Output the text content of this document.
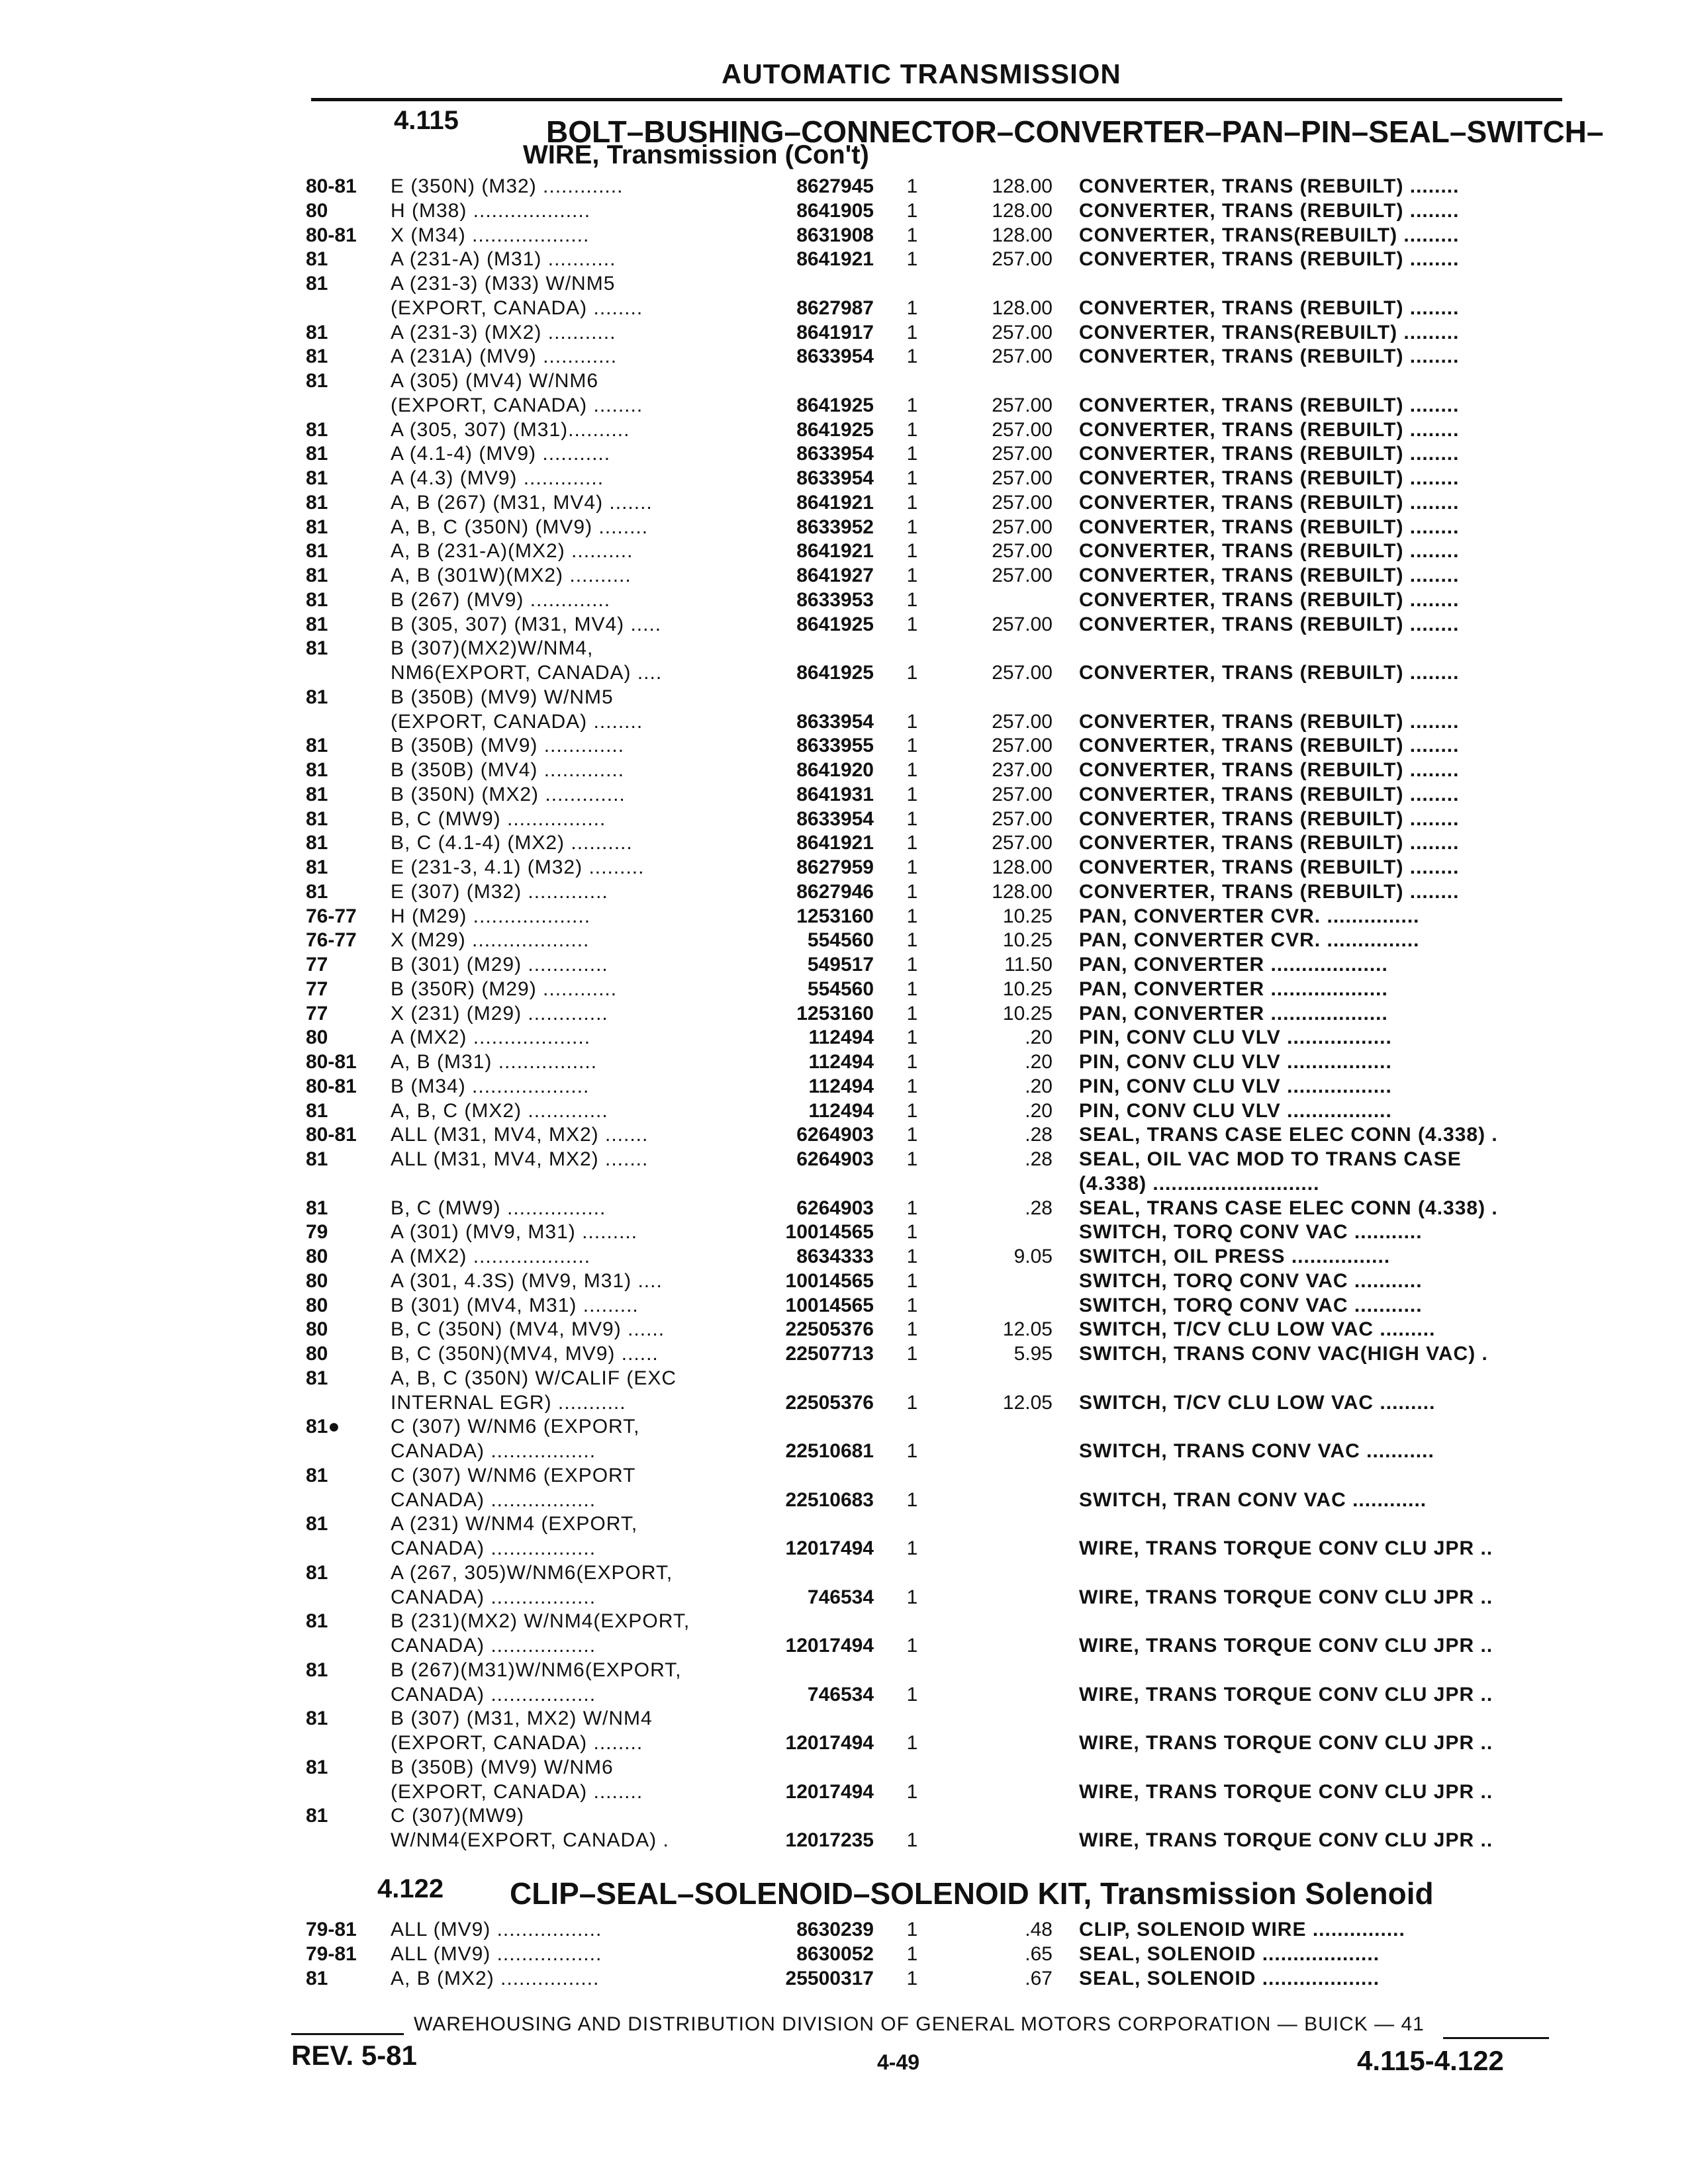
AUTOMATIC TRANSMISSION
4.115	BOLT–BUSHING–CONNECTOR–CONVERTER–PAN–PIN–SEAL–SWITCH–
WIRE, Transmission (Con't)
80-81 E (350N) (M32) .............	8627945 1	128.00 CONVERTER, TRANS (REBUILT) ........
80	H (M38) ...................	8641905 1	128.00 CONVERTER, TRANS (REBUILT) ........
80-81 X (M34) ...................	8631908 1	128.00 CONVERTER, TRANS(REBUILT) .........
81	A (231-A) (M31) ...........	8641921 1	257.00 CONVERTER, TRANS (REBUILT) ........
81	A (231-3) (M33) W/NM5
(EXPORT, CANADA) ........	8627987 1	128.00 CONVERTER, TRANS (REBUILT) ........
81	A (231-3) (MX2) ...........	8641917 1	257.00 CONVERTER, TRANS(REBUILT) .........
81	A (231A) (MV9) ............	8633954 1	257.00 CONVERTER, TRANS (REBUILT) ........
81	A (305) (MV4) W/NM6
(EXPORT, CANADA) ........	8641925 1	257.00 CONVERTER, TRANS (REBUILT) ........
81	A (305, 307) (M31)..........	8641925 1	257.00 CONVERTER, TRANS (REBUILT) ........
81	A (4.1-4) (MV9) ...........	8633954 1	257.00 CONVERTER, TRANS (REBUILT) ........
81	A (4.3) (MV9) .............	8633954 1	257.00 CONVERTER, TRANS (REBUILT) ........
81	A, B (267) (M31, MV4) .......	8641921 1	257.00 CONVERTER, TRANS (REBUILT) ........
81	A, B, C (350N) (MV9) ........	8633952 1	257.00 CONVERTER, TRANS (REBUILT) ........
81	A, B (231-A)(MX2) ..........	8641921 1	257.00 CONVERTER, TRANS (REBUILT) ........
81	A, B (301W)(MX2) ..........	8641927 1	257.00 CONVERTER, TRANS (REBUILT) ........
81	B (267) (MV9) .............	8633953 1	CONVERTER, TRANS (REBUILT) ........
81	B (305, 307) (M31, MV4) .....	8641925 1	257.00 CONVERTER, TRANS (REBUILT) ........
81	B (307)(MX2)W/NM4,
NM6(EXPORT, CANADA) ....	8641925 1	257.00 CONVERTER, TRANS (REBUILT) ........
81	B (350B) (MV9) W/NM5
(EXPORT, CANADA) ........	8633954 1	257.00 CONVERTER, TRANS (REBUILT) ........
81	B (350B) (MV9) .............	8633955 1	257.00 CONVERTER, TRANS (REBUILT) ........
81	B (350B) (MV4) .............	8641920 1	237.00 CONVERTER, TRANS (REBUILT) ........
81	B (350N) (MX2) .............	8641931 1	257.00 CONVERTER, TRANS (REBUILT) ........
81	B, C (MW9) ................	8633954 1	257.00 CONVERTER, TRANS (REBUILT) ........
81	B, C (4.1-4) (MX2) ..........	8641921 1	257.00 CONVERTER, TRANS (REBUILT) ........
81	E (231-3, 4.1) (M32) .........	8627959 1	128.00 CONVERTER, TRANS (REBUILT) ........
81	E (307) (M32) .............	8627946 1	128.00 CONVERTER, TRANS (REBUILT) ........
76-77 H (M29) ...................	1253160 1	10.25 PAN, CONVERTER CVR. ...............
76-77 X (M29) ...................	554560 1	10.25 PAN, CONVERTER CVR. ...............
77	B (301) (M29) .............	549517 1	11.50 PAN, CONVERTER ...................
77	B (350R) (M29) ............	554560 1	10.25 PAN, CONVERTER ...................
77	X (231) (M29) .............	1253160 1	10.25 PAN, CONVERTER ...................
80	A (MX2) ...................	112494 1	.20 PIN, CONV CLU VLV .................
80-81 A, B (M31) ................	112494 1	.20 PIN, CONV CLU VLV .................
80-81 B (M34) ...................	112494 1	.20 PIN, CONV CLU VLV .................
81	A, B, C (MX2) .............	112494 1	.20 PIN, CONV CLU VLV .................
80-81 ALL (M31, MV4, MX2) .......	6264903 1	.28 SEAL, TRANS CASE ELEC CONN (4.338) .
81	ALL (M31, MV4, MX2) .......	6264903 1	.28 SEAL, OIL VAC MOD TO TRANS CASE
(4.338) ...........................
81	B, C (MW9) ................	6264903 1	.28 SEAL, TRANS CASE ELEC CONN (4.338) .
79	A (301) (MV9, M31) .........	10014565 1	SWITCH, TORQ CONV VAC ...........
80	A (MX2) ...................	8634333 1	9.05 SWITCH, OIL PRESS ................
80	A (301, 4.3S) (MV9, M31) ....	10014565 1	SWITCH, TORQ CONV VAC ...........
80	B (301) (MV4, M31) .........	10014565 1	SWITCH, TORQ CONV VAC ...........
80	B, C (350N) (MV4, MV9) ......	22505376 1	12.05 SWITCH, T/CV CLU LOW VAC .........
80	B, C (350N)(MV4, MV9) ......	22507713 1	5.95 SWITCH, TRANS CONV VAC(HIGH VAC) .
81	A, B, C (350N) W/CALIF (EXC
INTERNAL EGR) ...........	22505376 1	12.05 SWITCH, T/CV CLU LOW VAC .........
81●	C (307) W/NM6 (EXPORT,
CANADA) .................	22510681 1	SWITCH, TRANS CONV VAC ...........
81	C (307) W/NM6 (EXPORT
CANADA) .................	22510683 1	SWITCH, TRAN CONV VAC ............
81	A (231) W/NM4 (EXPORT,
CANADA) .................	12017494 1	WIRE, TRANS TORQUE CONV CLU JPR ..
81	A (267, 305)W/NM6(EXPORT,
CANADA) .................	746534 1	WIRE, TRANS TORQUE CONV CLU JPR ..
81	B (231)(MX2) W/NM4(EXPORT,
CANADA) .................	12017494 1	WIRE, TRANS TORQUE CONV CLU JPR ..
81	B (267)(M31)W/NM6(EXPORT,
CANADA) .................	746534 1	WIRE, TRANS TORQUE CONV CLU JPR ..
81	B (307) (M31, MX2) W/NM4
(EXPORT, CANADA) ........	12017494 1	WIRE, TRANS TORQUE CONV CLU JPR ..
81	B (350B) (MV9) W/NM6
(EXPORT, CANADA) ........	12017494 1	WIRE, TRANS TORQUE CONV CLU JPR ..
81	C (307)(MW9)
W/NM4(EXPORT, CANADA) .	12017235 1	WIRE, TRANS TORQUE CONV CLU JPR ..
4.122 CLIP–SEAL–SOLENOID–SOLENOID KIT, Transmission Solenoid
79-81 ALL (MV9) .................	8630239 1	.48 CLIP, SOLENOID WIRE ...............
79-81 ALL (MV9) .................	8630052 1	.65 SEAL, SOLENOID ...................
81	A, B (MX2) ................	25500317 1	.67 SEAL, SOLENOID ...................
WAREHOUSING AND DISTRIBUTION DIVISION OF GENERAL MOTORS CORPORATION — BUICK — 41
REV. 5-81	4-49	4.115-4.122
